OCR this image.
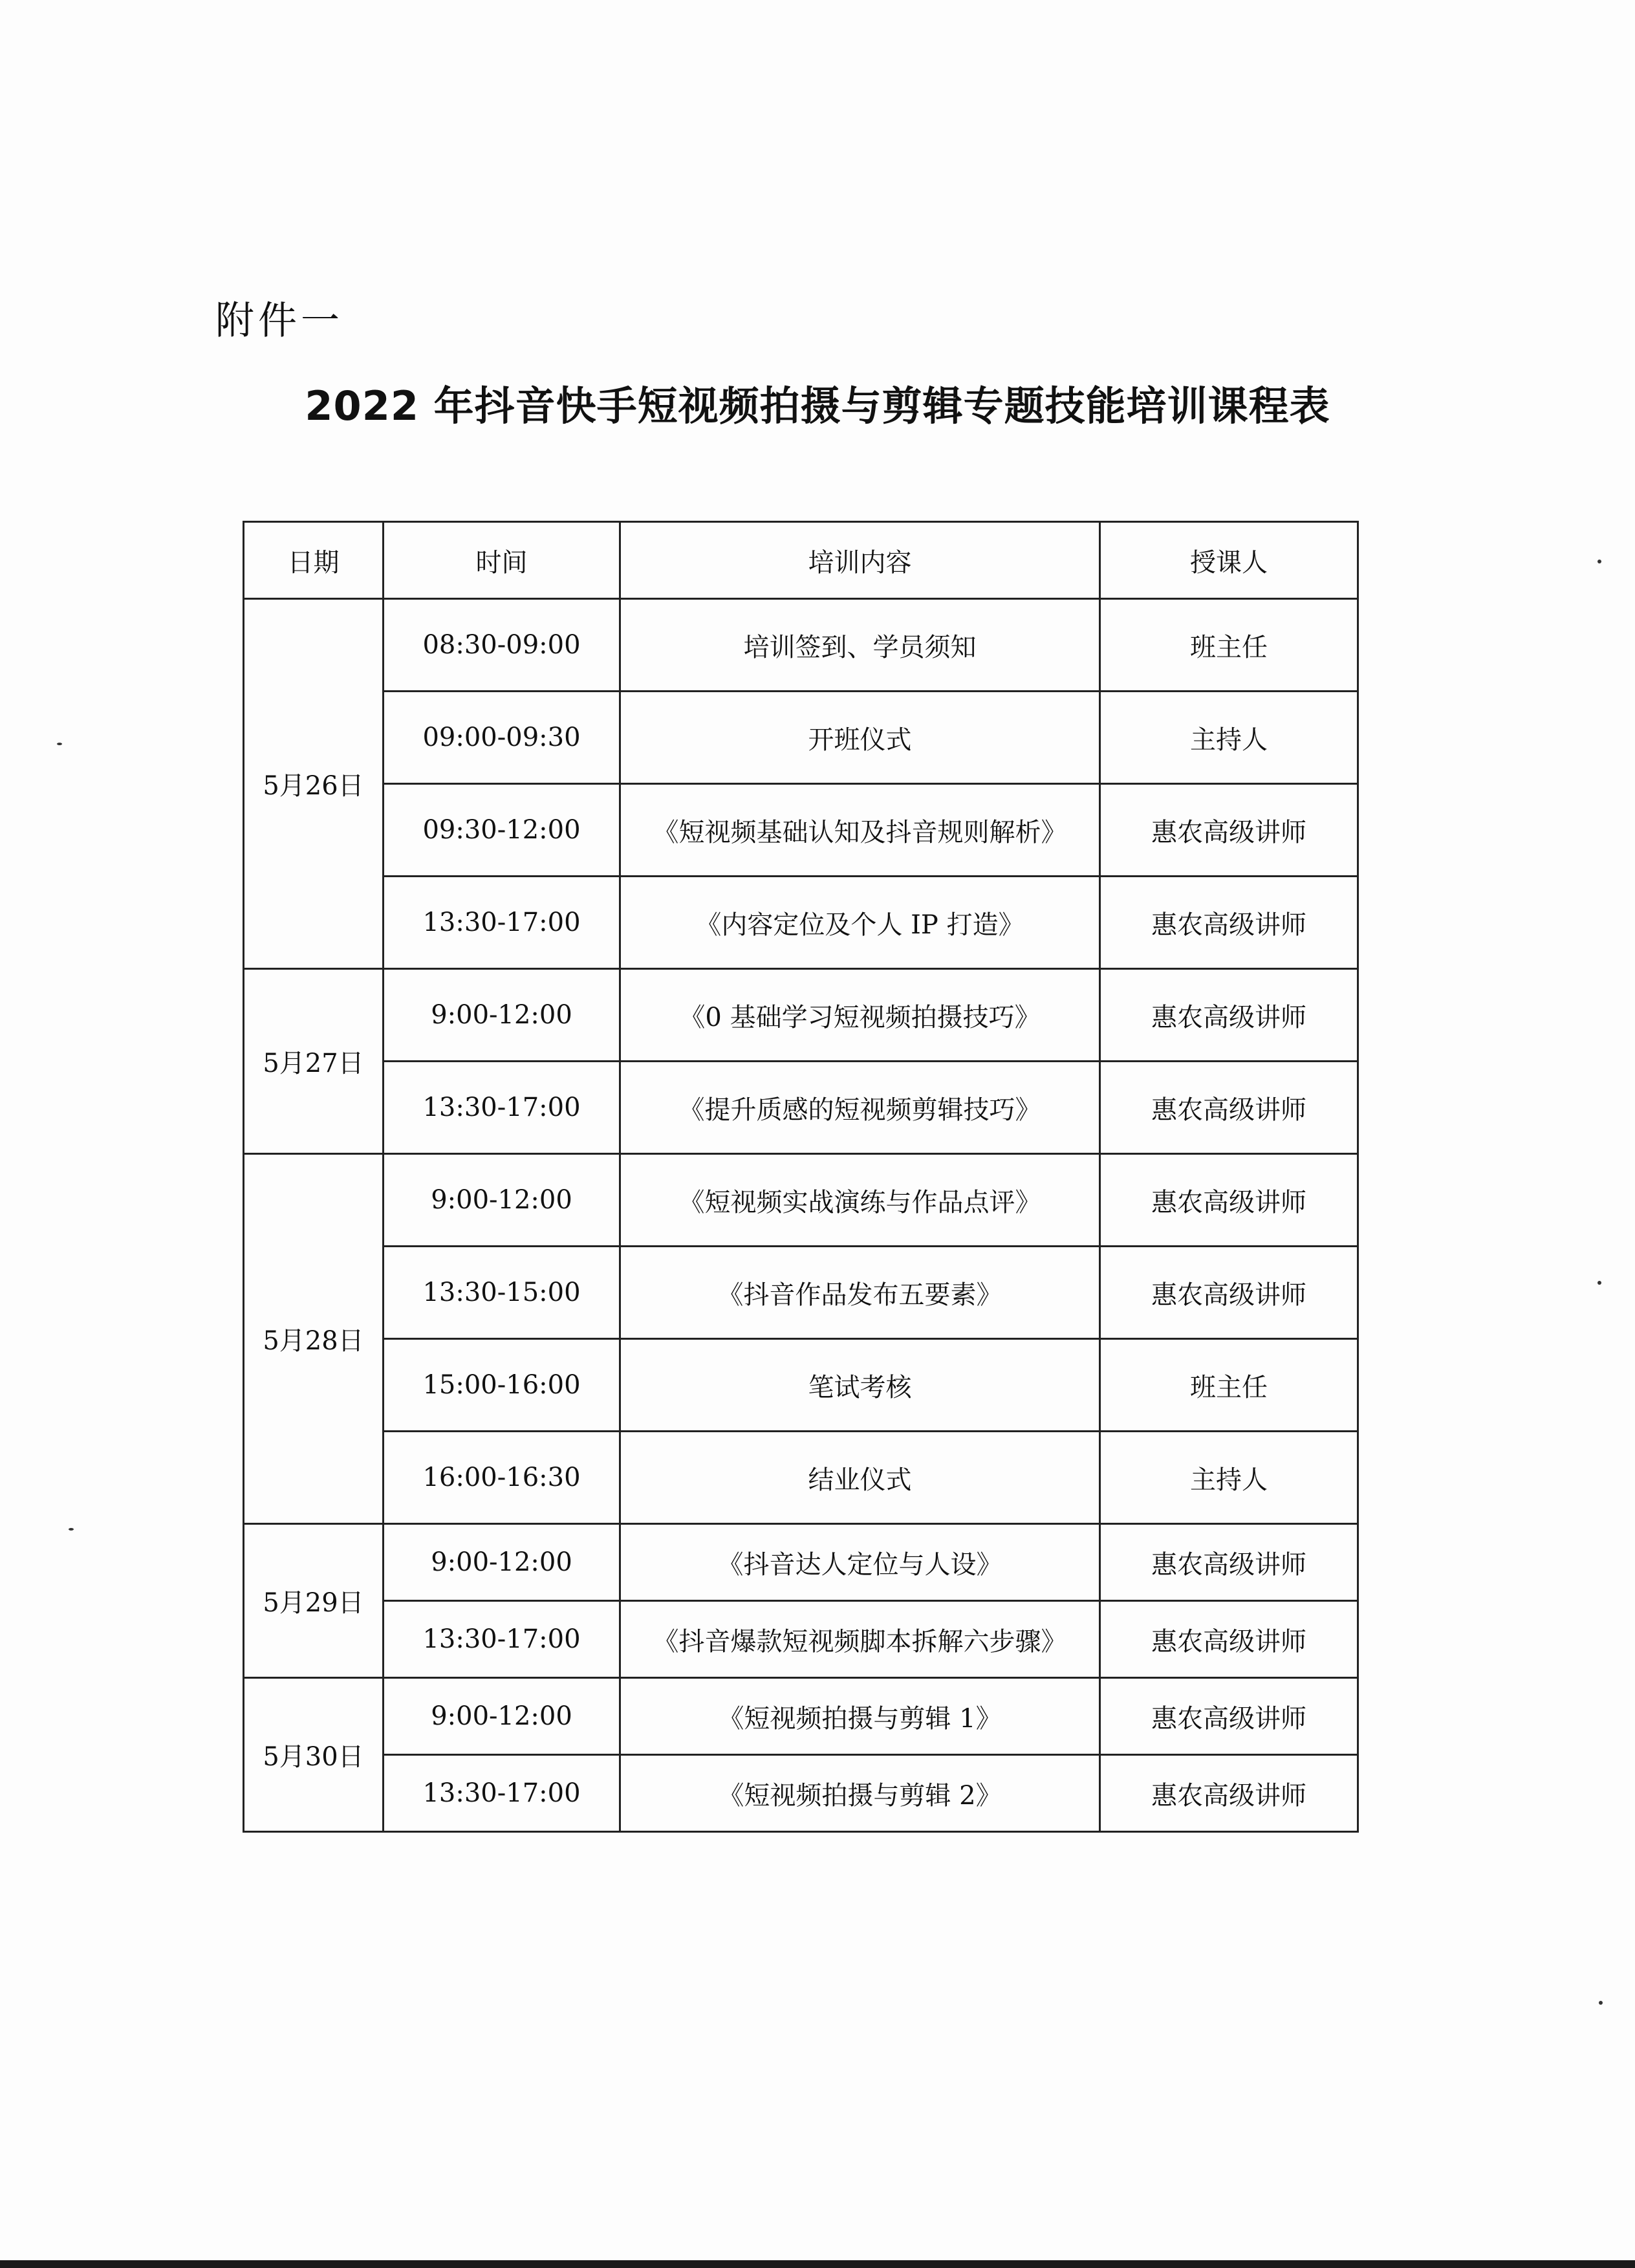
附件一
2022 年抖音快手短视频拍摄与剪辑专题技能培训课程表
日期	时间	培训内容	授课人
5月26日	08:30-09:00	培训签到、学员须知	班主任
	09:00-09:30	开班仪式	主持人
	09:30-12:00	《短视频基础认知及抖音规则解析》	惠农高级讲师
	13:30-17:00	《内容定位及个人 IP 打造》	惠农高级讲师
5月27日	9:00-12:00	《0 基础学习短视频拍摄技巧》	惠农高级讲师
	13:30-17:00	《提升质感的短视频剪辑技巧》	惠农高级讲师
5月28日	9:00-12:00	《短视频实战演练与作品点评》	惠农高级讲师
	13:30-15:00	《抖音作品发布五要素》	惠农高级讲师
	15:00-16:00	笔试考核	班主任
	16:00-16:30	结业仪式	主持人
5月29日	9:00-12:00	《抖音达人定位与人设》	惠农高级讲师
	13:30-17:00	《抖音爆款短视频脚本拆解六步骤》	惠农高级讲师
5月30日	9:00-12:00	《短视频拍摄与剪辑 1》	惠农高级讲师
	13:30-17:00	《短视频拍摄与剪辑 2》	惠农高级讲师
